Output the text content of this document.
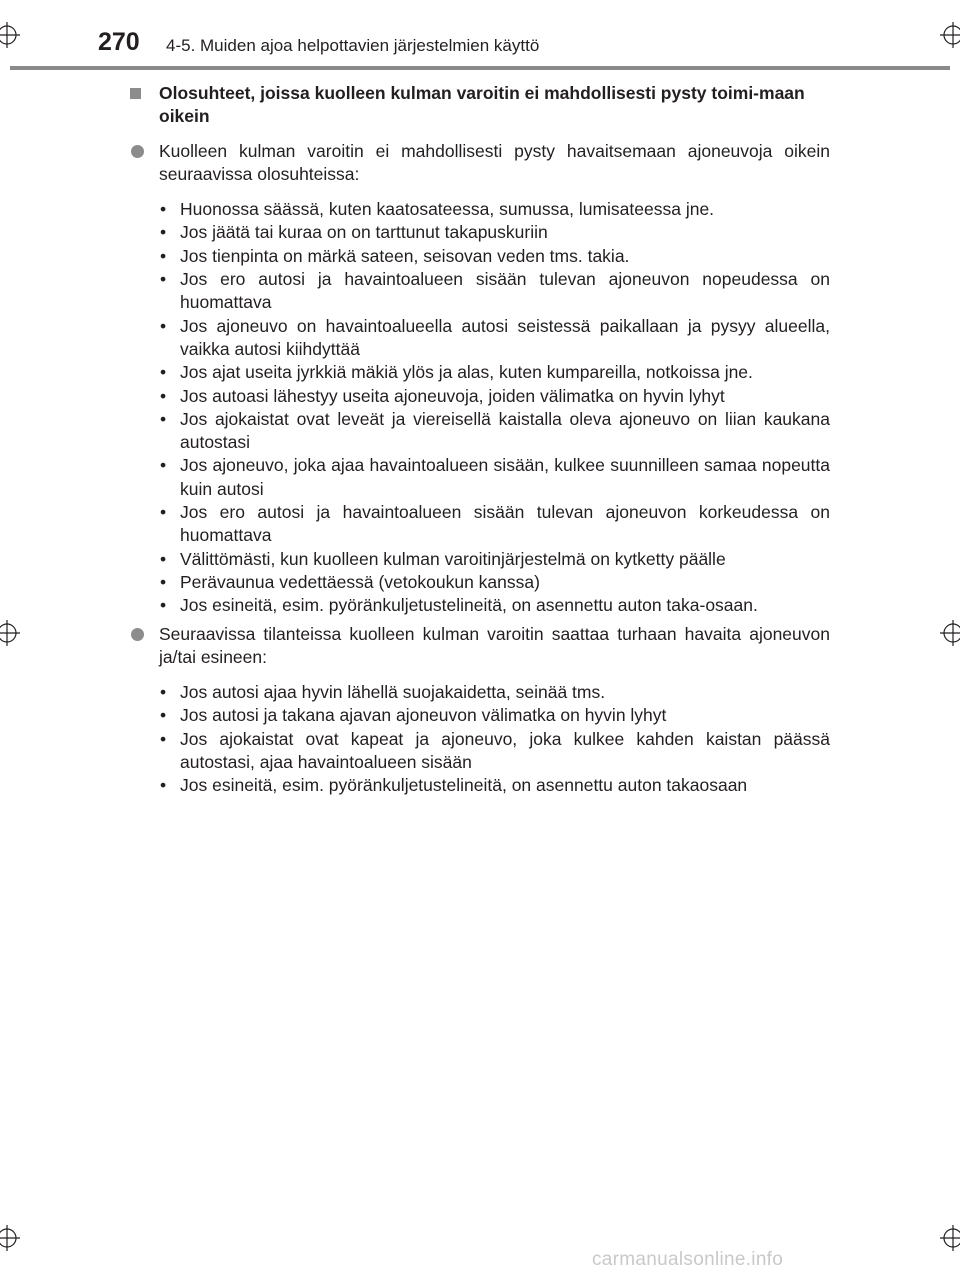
270 4-5. Muiden ajoa helpottavien järjestelmien käyttö
Olosuhteet, joissa kuolleen kulman varoitin ei mahdollisesti pysty toimi-maan oikein
Kuolleen kulman varoitin ei mahdollisesti pysty havaitsemaan ajoneuvoja oikein seuraavissa olosuhteissa:
• Huonossa säässä, kuten kaatosateessa, sumussa, lumisateessa jne.
• Jos jäätä tai kuraa on on tarttunut takapuskuriin
• Jos tienpinta on märkä sateen, seisovan veden tms. takia.
• Jos ero autosi ja havaintoalueen sisään tulevan ajoneuvon nopeudessa on huomattava
• Jos ajoneuvo on havaintoalueella autosi seistessä paikallaan ja pysyy alueella, vaikka autosi kiihdyttää
• Jos ajat useita jyrkkiä mäkiä ylös ja alas, kuten kumpareilla, notkoissa jne.
• Jos autoasi lähestyy useita ajoneuvoja, joiden välimatka on hyvin lyhyt
• Jos ajokaistat ovat leveät ja viereisellä kaistalla oleva ajoneuvo on liian kaukana autostasi
• Jos ajoneuvo, joka ajaa havaintoalueen sisään, kulkee suunnilleen samaa nopeutta kuin autosi
• Jos ero autosi ja havaintoalueen sisään tulevan ajoneuvon korkeudessa on huomattava
• Välittömästi, kun kuolleen kulman varoitinjärjestelmä on kytketty päälle
• Perävaunua vedettäessä (vetokoukun kanssa)
• Jos esineitä, esim. pyöränkuljetustelineitä, on asennettu auton taka-osaan.
Seuraavissa tilanteissa kuolleen kulman varoitin saattaa turhaan havaita ajoneuvon ja/tai esineen:
• Jos autosi ajaa hyvin lähellä suojakaidetta, seinää tms.
• Jos autosi ja takana ajavan ajoneuvon välimatka on hyvin lyhyt
• Jos ajokaistat ovat kapeat ja ajoneuvo, joka kulkee kahden kaistan päässä autostasi, ajaa havaintoalueen sisään
• Jos esineitä, esim. pyöränkuljetustelineitä, on asennettu auton takaosaan
carmanualsonline.info
